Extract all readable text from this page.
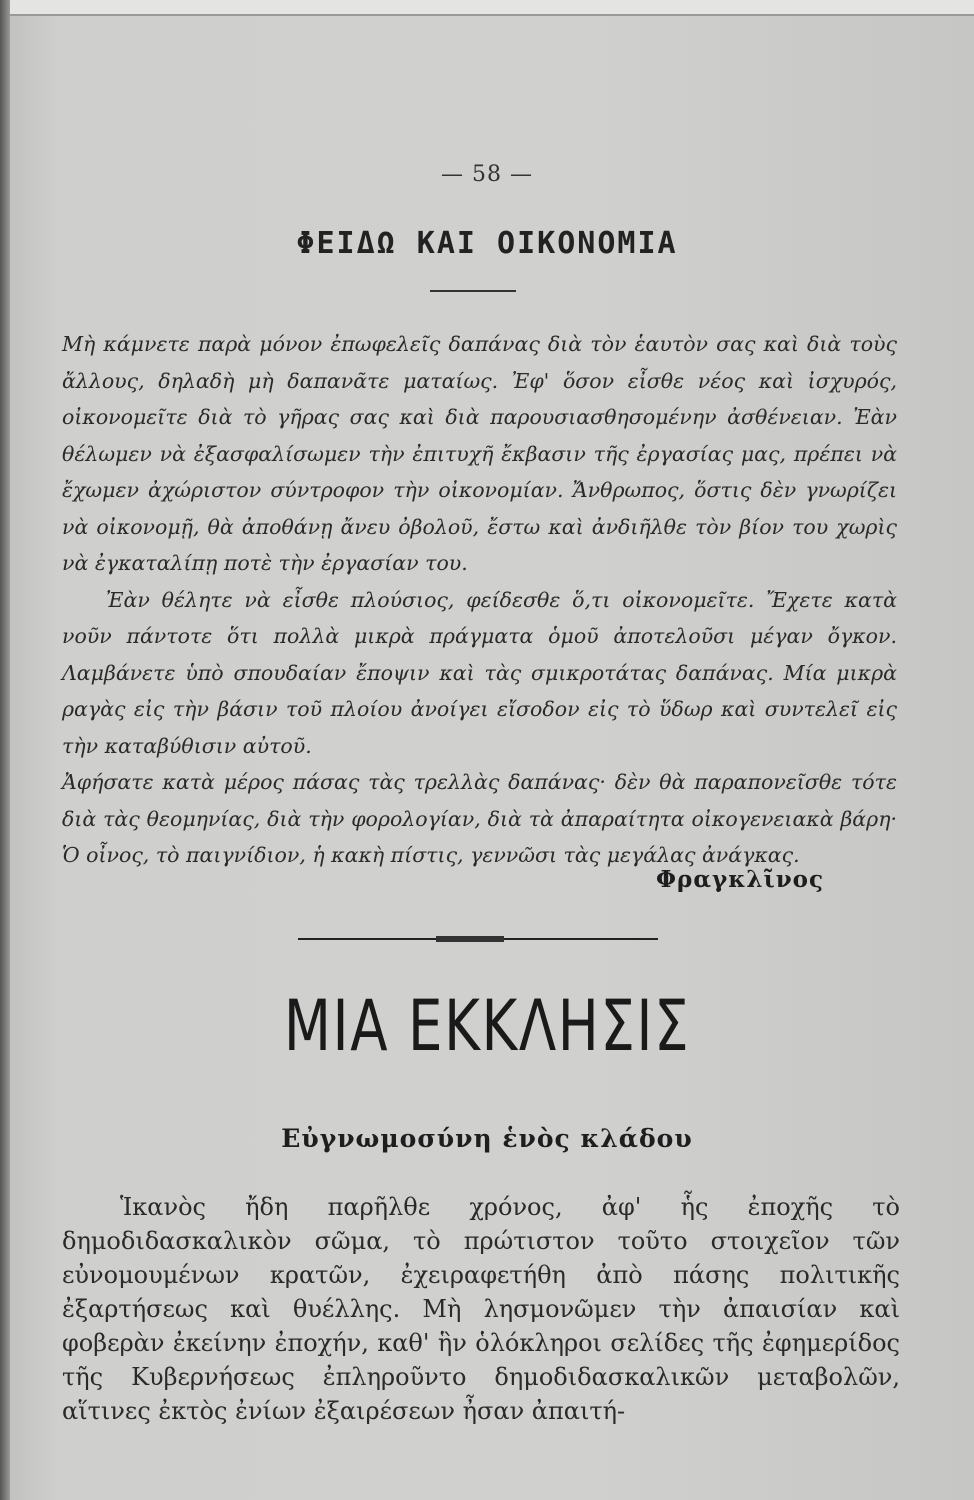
— 58 —
ΦΕΙΔΩ ΚΑΙ ΟΙΚΟΝΟΜΙΑ

Μὴ κάμνετε παρὰ μόνον ἐπωφελεῖς δαπάνας διὰ τὸν ἑαυτὸν σας καὶ διὰ τοὺς ἄλλους, δηλαδὴ μὴ δαπανᾶτε ματαίως. Ἐφ' ὅσον εἶσθε νέος καὶ ἰσχυρός, οἰκονομεῖτε διὰ τὸ γῆρας σας καὶ διὰ παρουσιασθησομένην ἀσθένειαν. Ἐὰν θέλωμεν νὰ ἐξασφαλίσωμεν τὴν ἐπιτυχῆ ἔκβασιν τῆς ἐργασίας μας, πρέπει νὰ ἔχωμεν ἀχώριστον σύντροφον τὴν οἰκονομίαν. Ἄνθρωπος, ὅστις δὲν γνωρίζει νὰ οἰκονομῇ, θὰ ἀποθάνῃ ἄνευ ὀβολοῦ, ἔστω καὶ ἀνδιῆλθε τὸν βίον του χωρὶς νὰ ἐγκαταλίπῃ ποτὲ τὴν ἐργασίαν του.

Ἐὰν θέλητε νὰ εἶσθε πλούσιος, φείδεσθε ὅ,τι οἰκονομεῖτε. Ἔχετε κατὰ νοῦν πάντοτε ὅτι πολλὰ μικρὰ πράγματα ὁμοῦ ἀποτελοῦσι μέγαν ὄγκον. Λαμβάνετε ὑπὸ σπουδαίαν ἔποψιν καὶ τὰς σμικροτάτας δαπάνας. Μία μικρὰ ραγὰς εἰς τὴν βάσιν τοῦ πλοίου ἀνοίγει εἴσοδον εἰς τὸ ὕδωρ καὶ συντελεῖ εἰς τὴν καταβύθισιν αὐτοῦ.

Ἀφήσατε κατὰ μέρος πάσας τὰς τρελλὰς δαπάνας· δὲν θὰ παραπονεῖσθε τότε διὰ τὰς θεομηνίας, διὰ τὴν φορολογίαν, διὰ τὰ ἀπαραίτητα οἰκογενειακὰ βάρη· Ὁ οἶνος, τὸ παιγνίδιον, ἡ κακὴ πίστις, γεννῶσι τὰς μεγάλας ἀνάγκας.

Φραγκλῖνος
ΜΙΑ ΕΚΚΛΗΣΙΣ
Εὐγνωμοσύνη ἑνὸς κλάδου

Ἱκανὸς ἤδη παρῆλθε χρόνος, ἀφ' ἧς ἐποχῆς τὸ δημοδιδασκαλικὸν σῶμα, τὸ πρώτιστον τοῦτο στοιχεῖον τῶν εὐνομουμένων κρατῶν, ἐχειραφετήθη ἀπὸ πάσης πολιτικῆς ἐξαρτήσεως καὶ θυέλλης. Μὴ λησμονῶμεν τὴν ἀπαισίαν καὶ φοβερὰν ἐκείνην ἐποχήν, καθ' ἣν ὁλόκληροι σελίδες τῆς ἐφημερίδος τῆς Κυβερνήσεως ἐπληροῦντο δημοδιδασκαλικῶν μεταβολῶν, αἵτινες ἐκτὸς ἐνίων ἐξαιρέσεων ἦσαν ἀπαιτή-
